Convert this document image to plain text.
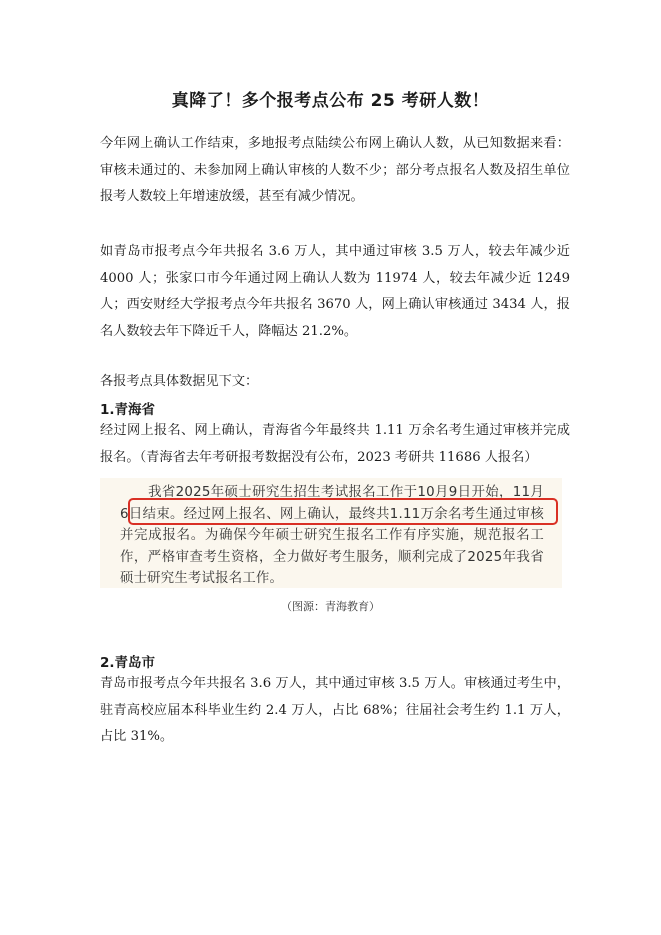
真降了！多个报考点公布 25 考研人数！

今年网上确认工作结束，多地报考点陆续公布网上确认人数，从已知数据来看：审核未通过的、未参加网上确认审核的人数不少；部分考点报名人数及招生单位报考人数较上年增速放缓，甚至有减少情况。

如青岛市报考点今年共报名 3.6 万人，其中通过审核 3.5 万人，较去年减少近 4000 人；张家口市今年通过网上确认人数为 11974 人，较去年减少近 1249 人；西安财经大学报考点今年共报名 3670 人，网上确认审核通过 3434 人，报名人数较去年下降近千人，降幅达 21.2%。

各报考点具体数据见下文：

1.青海省

经过网上报名、网上确认，青海省今年最终共 1.11 万余名考生通过审核并完成报名。（青海省去年考研报考数据没有公布，2023 考研共 11686 人报名）

我省2025年硕士研究生招生考试报名工作于10月9日开始，11月6日结束。经过网上报名、网上确认，最终共1.11万余名考生通过审核并完成报名。为确保今年硕士研究生报名工作有序实施，规范报名工作，严格审查考生资格，全力做好考生服务，顺利完成了2025年我省硕士研究生考试报名工作。

（图源：青海教育）
2.青岛市

青岛市报考点今年共报名 3.6 万人，其中通过审核 3.5 万人。审核通过考生中，驻青高校应届本科毕业生约 2.4 万人，占比 68%；往届社会考生约 1.1 万人，占比 31%。
